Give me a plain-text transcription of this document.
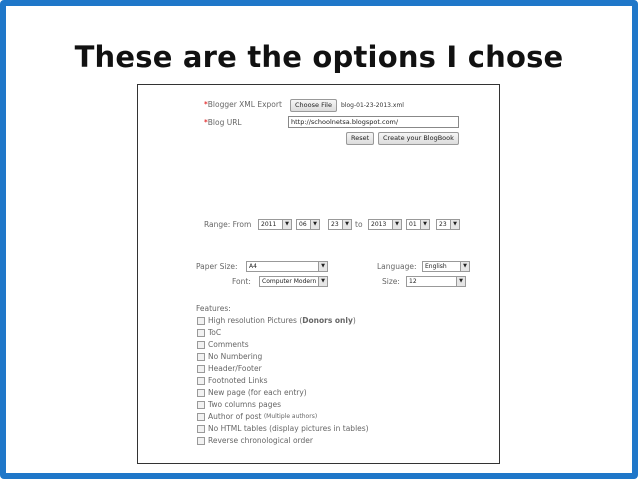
These are the options I chose
*Blogger XML Export	Choose File	blog-01-23-2013.xml
*Blog URL	http://schoolnetsa.blogspot.com/
Reset	Create your BlogBook
Range: From	2011	▼	06	▼	23	▼ to	2013	▼	01	▼	23	▼
Paper Size:	A4	▼	Language:	English	▼
Font:	Computer Modern ▼	Size:	12	▼
Features:
High resolution Pictures ( Donors only )
ToC
Comments
No Numbering
Header/Footer
Footnoted Links
New page (for each entry)
Two columns pages
Author of post
(Multiple authors)
No HTML tables (display pictures in tables)
Reverse chronological order
